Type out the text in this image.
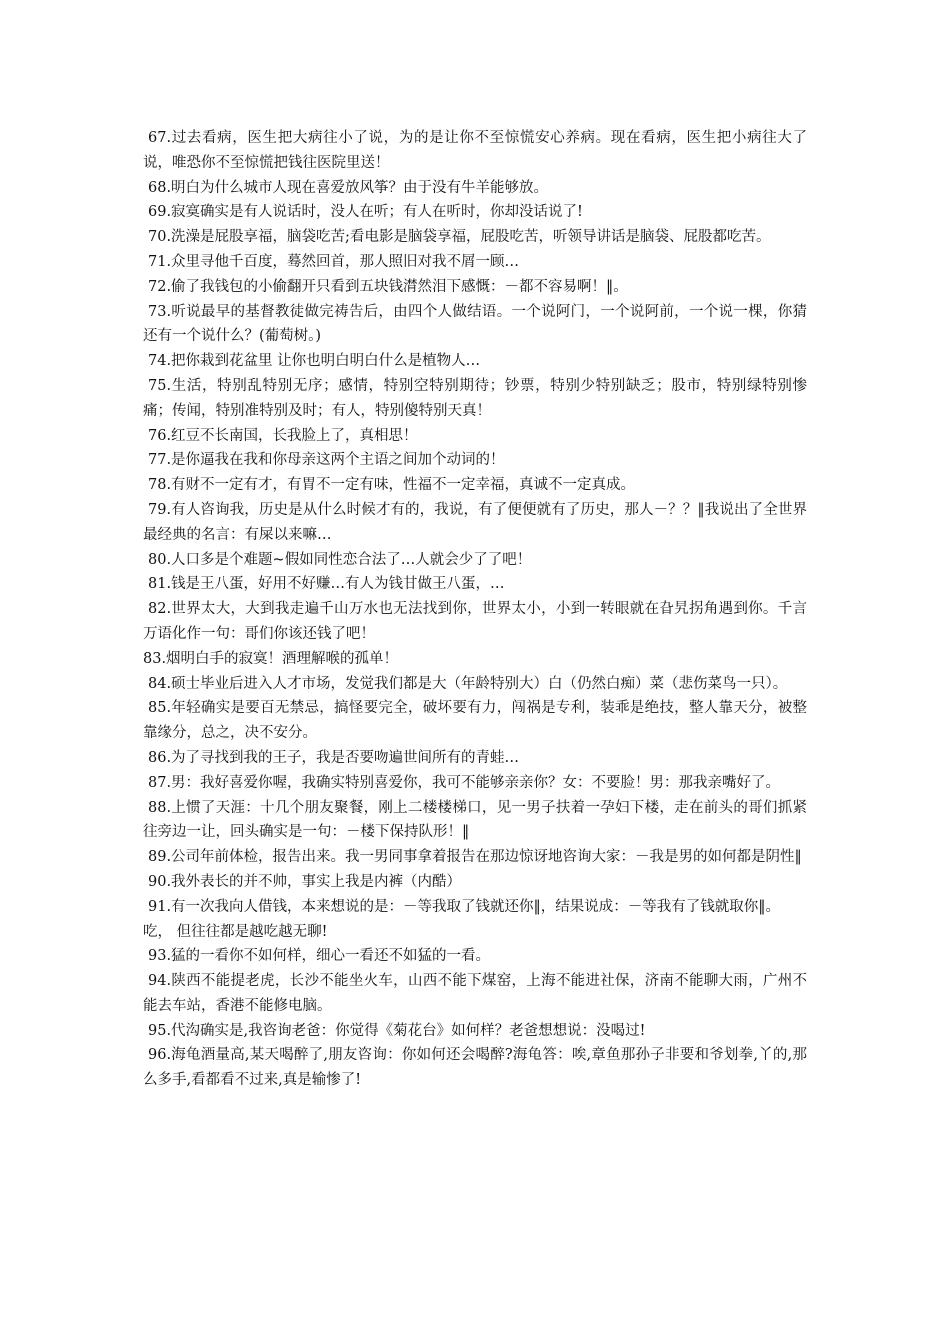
67.过去看病，医生把大病往小了说，为的是让你不至惊慌安心养病。现在看病，医生把小病往大了说，唯恐你不至惊慌把钱往医院里送！

68.明白为什么城市人现在喜爱放风筝？由于没有牛羊能够放。

69.寂寞确实是有人说话时，没人在听；有人在听时，你却没话说了!

70.洗澡是屁股享福，脑袋吃苦;看电影是脑袋享福，屁股吃苦，听领导讲话是脑袋、屁股都吃苦。

71.众里寻他千百度，蓦然回首，那人照旧对我不屑一顾…

72.偷了我钱包的小偷翻开只看到五块钱潸然泪下感慨：－都不容易啊！‖。

73.听说最早的基督教徒做完祷告后，由四个人做结语。一个说阿门，一个说阿前，一个说一棵，你猜还有一个说什么？(葡萄树。)

74.把你栽到花盆里 让你也明白明白什么是植物人…

75.生活，特别乱特别无序；感情，特别空特别期待；钞票，特别少特别缺乏；股市，特别绿特别惨痛；传闻，特别准特别及时；有人，特别傻特别天真！

76.红豆不长南国，长我脸上了，真相思！

77.是你逼我在我和你母亲这两个主语之间加个动词的！

78.有财不一定有才，有胃不一定有味，性福不一定幸福，真诚不一定真成。

79.有人咨询我，历史是从什么时候才有的，我说，有了便便就有了历史，那人－？？‖我说出了全世界最经典的名言：有屎以来嘛…

80.人口多是个难题~假如同性恋合法了…人就会少了了吧！

81.钱是王八蛋，好用不好赚…有人为钱甘做王八蛋，…

82.世界太大，大到我走遍千山万水也无法找到你，世界太小，小到一转眼就在旮旯拐角遇到你。千言万语化作一句：哥们你该还钱了吧！

83.烟明白手的寂寞！酒理解喉的孤单！

84.硕士毕业后进入人才市场，发觉我们都是大（年龄特别大）白（仍然白痴）菜（悲伤菜鸟一只）。

85.年轻确实是要百无禁忌，搞怪要完全，破坏要有力，闯祸是专利，装乖是绝技，整人靠天分，被整靠缘分，总之，决不安分。

86.为了寻找到我的王子，我是否要吻遍世间所有的青蛙…

87.男：我好喜爱你喔，我确实特别喜爱你，我可不能够亲亲你？女：不要脸！男：那我亲嘴好了。

88.上惯了天涯：十几个朋友聚餐，刚上二楼楼梯口，见一男子扶着一孕妇下楼，走在前头的哥们抓紧往旁边一让，回头确实是一句：－楼下保持队形！‖

89.公司年前体检，报告出来。我一男同事拿着报告在那边惊讶地咨询大家：－我是男的如何都是阴性‖

90.我外表长的并不帅，事实上我是内裤（内酷）

91.有一次我向人借钱，本来想说的是：－等我取了钱就还你‖，结果说成：－等我有了钱就取你‖。

吃， 但往往都是越吃越无聊!

93.猛的一看你不如何样，细心一看还不如猛的一看。

94.陕西不能提老虎，长沙不能坐火车，山西不能下煤窑，上海不能进社保，济南不能聊大雨，广州不能去车站，香港不能修电脑。

95.代沟确实是,我咨询老爸：你觉得《菊花台》如何样？老爸想想说：没喝过!

96.海龟酒量高,某天喝醉了,朋友咨询：你如何还会喝醉?海龟答：唉,章鱼那孙子非要和爷划拳,丫的,那么多手,看都看不过来,真是输惨了!
